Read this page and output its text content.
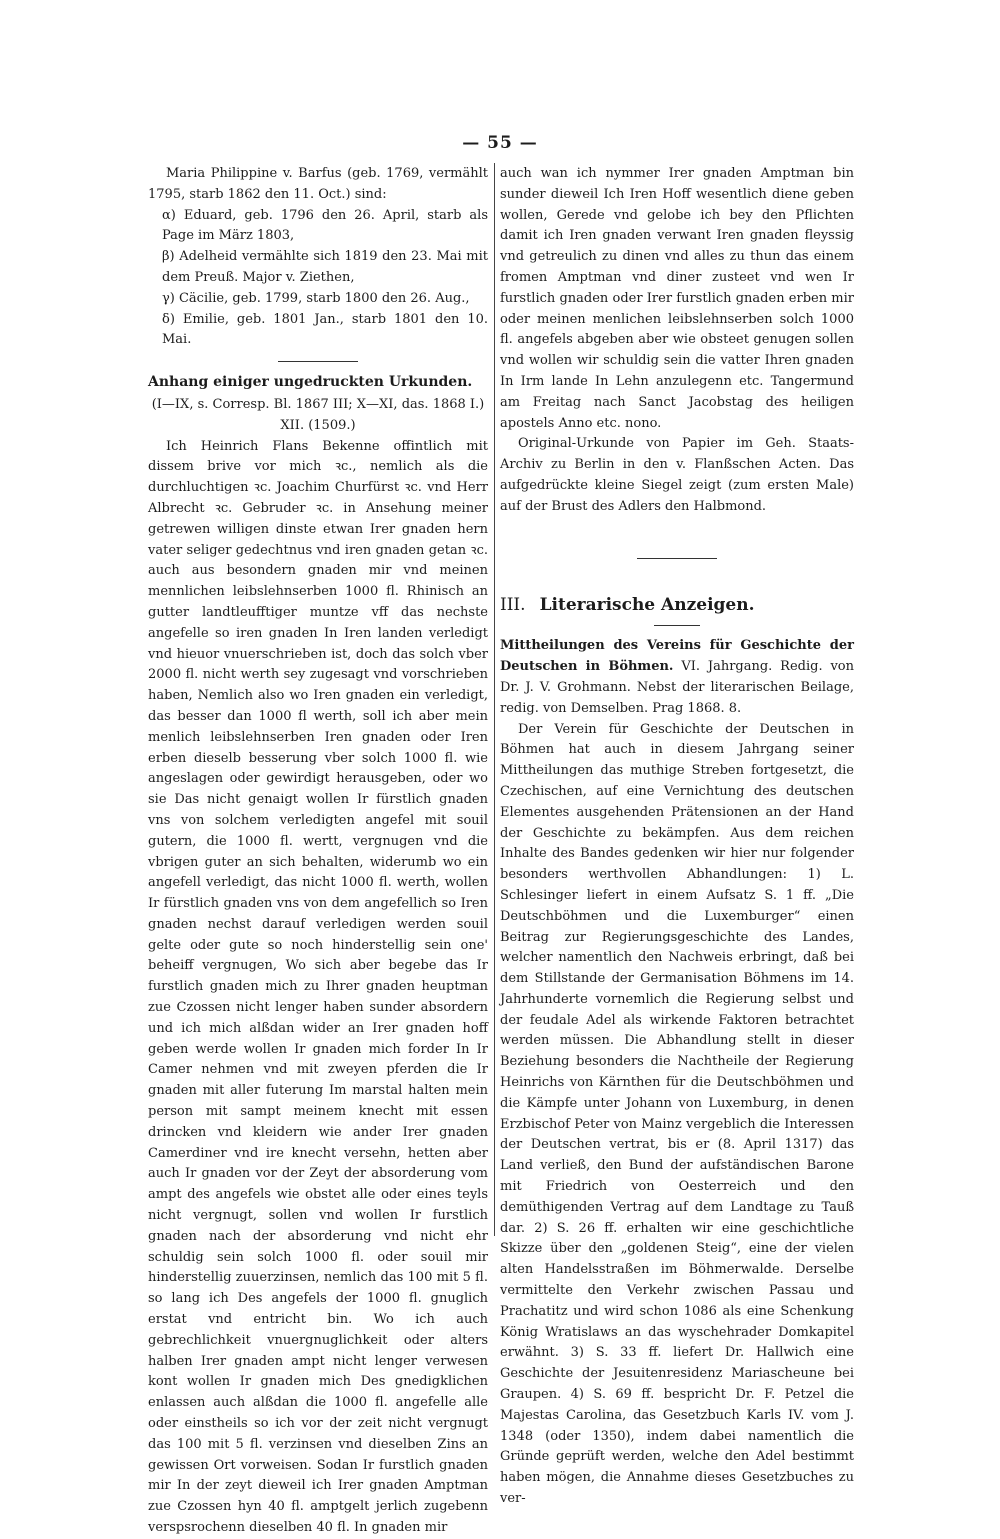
— 55 —

Maria Philippine v. Barfus (geb. 1769, vermählt 1795, starb 1862 den 11. Oct.) sind:

α) Eduard, geb. 1796 den 26. April, starb als Page im März 1803,

β) Adelheid vermählte sich 1819 den 23. Mai mit dem Preuß. Major v. Ziethen,

γ) Cäcilie, geb. 1799, starb 1800 den 26. Aug.,

δ) Emilie, geb. 1801 Jan., starb 1801 den 10. Mai.

Anhang einiger ungedruckten Urkunden.

(I—IX, s. Corresp. Bl. 1867 III; X—XI, das. 1868 I.)

XII. (1509.)

Ich Heinrich Flans Bekenne offintlich mit dissem brive vor mich ꝛc., nemlich als die durchluchtigen ꝛc. Joachim Churfürst ꝛc. vnd Herr Albrecht ꝛc. Gebruder ꝛc. in Ansehung meiner getrewen willigen dinste etwan Irer gnaden hern vater seliger gedechtnus vnd iren gnaden getan ꝛc. auch aus besondern gnaden mir vnd meinen mennlichen leibslehnserben 1000 fl. Rhinisch an gutter landtleufftiger muntze vff das nechste angefelle so iren gnaden In Iren landen verledigt vnd hieuor vnuerschrieben ist, doch das solch vber 2000 fl. nicht werth sey zugesagt vnd vorschrieben haben, Nemlich also wo Iren gnaden ein verledigt, das besser dan 1000 fl werth, soll ich aber mein menlich leibslehnserben Iren gnaden oder Iren erben dieselb besserung vber solch 1000 fl. wie angeslagen oder gewirdigt herausgeben, oder wo sie Das nicht genaigt wollen Ir fürstlich gnaden vns von solchem verledigten angefel mit souil gutern, die 1000 fl. wertt, vergnugen vnd die vbrigen guter an sich behalten, widerumb wo ein angefell verledigt, das nicht 1000 fl. werth, wollen Ir fürstlich gnaden vns von dem angefellich so Iren gnaden nechst darauf verledigen werden souil gelte oder gute so noch hinderstellig sein one' beheiff vergnugen, Wo sich aber begebe das Ir furstlich gnaden mich zu Ihrer gnaden heuptman zue Czossen nicht lenger haben sunder absordern und ich mich alßdan wider an Irer gnaden hoff geben werde wollen Ir gnaden mich forder In Ir Camer nehmen vnd mit zweyen pferden die Ir gnaden mit aller futerung Im marstal halten mein person mit sampt meinem knecht mit essen drincken vnd kleidern wie ander Irer gnaden Camerdiner vnd ire knecht versehn, hetten aber auch Ir gnaden vor der Zeyt der absorderung vom ampt des angefels wie obstet alle oder eines teyls nicht vergnugt, sollen vnd wollen Ir furstlich gnaden nach der absorderung vnd nicht ehr schuldig sein solch 1000 fl. oder souil mir hinderstellig zuuerzinsen, nemlich das 100 mit 5 fl. so lang ich Des angefels der 1000 fl. gnuglich erstat vnd entricht bin. Wo ich auch gebrechlichkeit vnuergnuglichkeit oder alters halben Irer gnaden ampt nicht lenger verwesen kont wollen Ir gnaden mich Des gnedigklichen enlassen auch alßdan die 1000 fl. angefelle alle oder einstheils so ich vor der zeit nicht vergnugt das 100 mit 5 fl. verzinsen vnd dieselben Zins an gewissen Ort vorweisen. Sodan Ir furstlich gnaden mir In der zeyt dieweil ich Irer gnaden Amptman zue Czossen hyn 40 fl. amptgelt jerlich zugebenn verspsrochenn dieselben 40 fl. In gnaden mir

auch wan ich nymmer Irer gnaden Amptman bin sunder dieweil Ich Iren Hoff wesentlich diene geben wollen, Gerede vnd gelobe ich bey den Pflichten damit ich Iren gnaden verwant Iren gnaden fleyssig vnd getreulich zu dinen vnd alles zu thun das einem fromen Amptman vnd diner zusteet vnd wen Ir furstlich gnaden oder Irer furstlich gnaden erben mir oder meinen menlichen leibslehnserben solch 1000 fl. angefels abgeben aber wie obsteet genugen sollen vnd wollen wir schuldig sein die vatter Ihren gnaden In Irm lande In Lehn anzulegenn etc. Tangermund am Freitag nach Sanct Jacobstag des heiligen apostels Anno etc. nono.

Original-Urkunde von Papier im Geh. Staats-Archiv zu Berlin in den v. Flanßschen Acten. Das aufgedrückte kleine Siegel zeigt (zum ersten Male) auf der Brust des Adlers den Halbmond.

III. Literarische Anzeigen.

Mittheilungen des Vereins für Geschichte der Deutschen in Böhmen. VI. Jahrgang. Redig. von Dr. J. V. Grohmann. Nebst der literarischen Beilage, redig. von Demselben. Prag 1868. 8.

Der Verein für Geschichte der Deutschen in Böhmen hat auch in diesem Jahrgang seiner Mittheilungen das muthige Streben fortgesetzt, die Czechischen, auf eine Vernichtung des deutschen Elementes ausgehenden Prätensionen an der Hand der Geschichte zu bekämpfen. Aus dem reichen Inhalte des Bandes gedenken wir hier nur folgender besonders werthvollen Abhandlungen: 1) L. Schlesinger liefert in einem Aufsatz S. 1 ff. „Die Deutschböhmen und die Luxemburger“ einen Beitrag zur Regierungsgeschichte des Landes, welcher namentlich den Nachweis erbringt, daß bei dem Stillstande der Germanisation Böhmens im 14. Jahrhunderte vornemlich die Regierung selbst und der feudale Adel als wirkende Faktoren betrachtet werden müssen. Die Abhandlung stellt in dieser Beziehung besonders die Nachtheile der Regierung Heinrichs von Kärnthen für die Deutschböhmen und die Kämpfe unter Johann von Luxemburg, in denen Erzbischof Peter von Mainz vergeblich die Interessen der Deutschen vertrat, bis er (8. April 1317) das Land verließ, den Bund der aufständischen Barone mit Friedrich von Oesterreich und den demüthigenden Vertrag auf dem Landtage zu Tauß dar. 2) S. 26 ff. erhalten wir eine geschichtliche Skizze über den „goldenen Steig“, eine der vielen alten Handelsstraßen im Böhmerwalde. Derselbe vermittelte den Verkehr zwischen Passau und Prachatitz und wird schon 1086 als eine Schenkung König Wratislaws an das wyschehrader Domkapitel erwähnt. 3) S. 33 ff. liefert Dr. Hallwich eine Geschichte der Jesuitenresidenz Mariascheune bei Graupen. 4) S. 69 ff. bespricht Dr. F. Petzel die Majestas Carolina, das Gesetzbuch Karls IV. vom J. 1348 (oder 1350), indem dabei namentlich die Gründe geprüft werden, welche den Adel bestimmt haben mögen, die Annahme dieses Gesetzbuches zu ver-
